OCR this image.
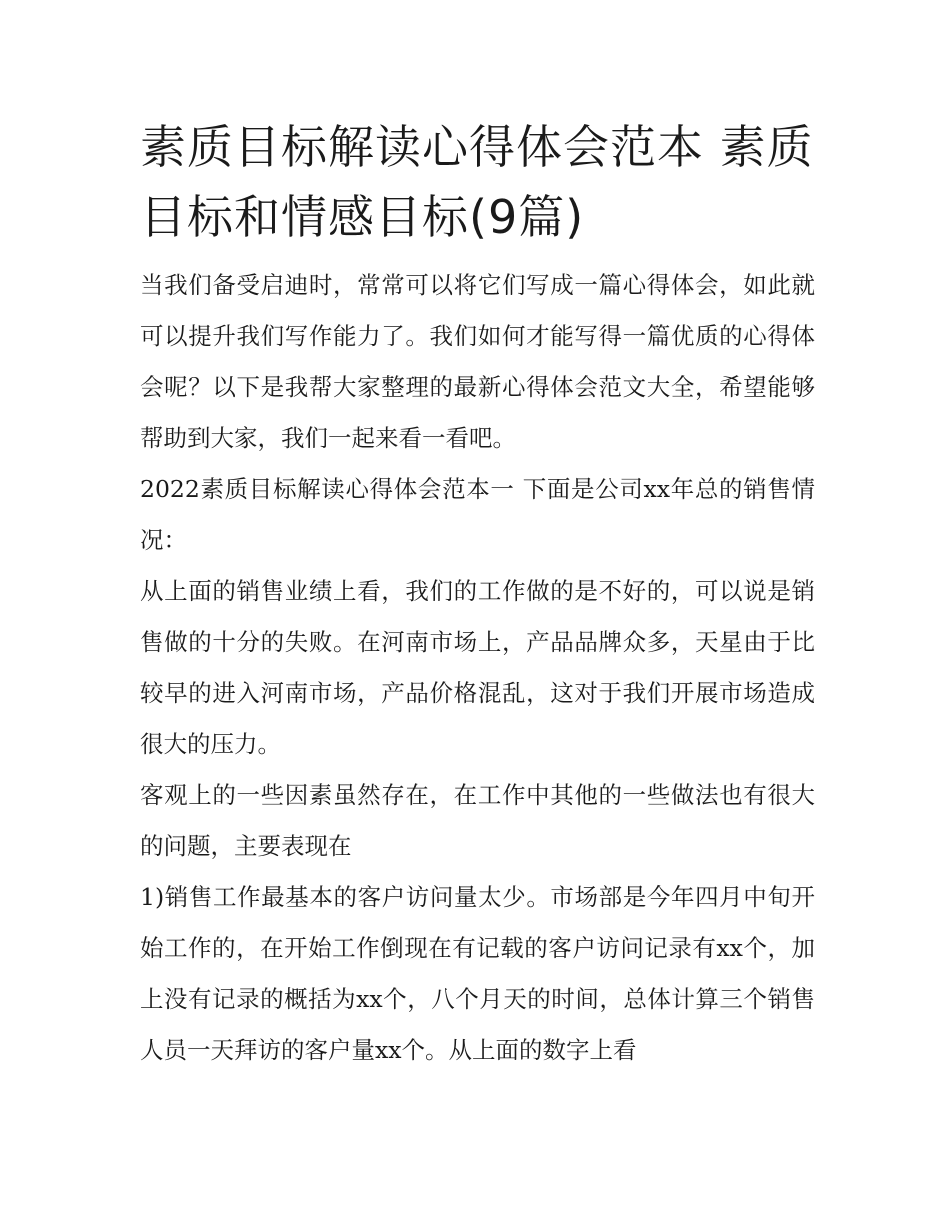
素质目标解读心得体会范本 素质目标和情感目标(9篇)

当我们备受启迪时，常常可以将它们写成一篇心得体会，如此就可以提升我们写作能力了。我们如何才能写得一篇优质的心得体会呢？以下是我帮大家整理的最新心得体会范文大全，希望能够帮助到大家，我们一起来看一看吧。

2022素质目标解读心得体会范本一 下面是公司xx年总的销售情况：

从上面的销售业绩上看，我们的工作做的是不好的，可以说是销售做的十分的失败。在河南市场上，产品品牌众多，天星由于比较早的进入河南市场，产品价格混乱，这对于我们开展市场造成很大的压力。

客观上的一些因素虽然存在，在工作中其他的一些做法也有很大的问题，主要表现在

1)销售工作最基本的客户访问量太少。市场部是今年四月中旬开始工作的，在开始工作倒现在有记载的客户访问记录有xx个，加上没有记录的概括为xx个，八个月天的时间，总体计算三个销售人员一天拜访的客户量xx个。从上面的数字上看
